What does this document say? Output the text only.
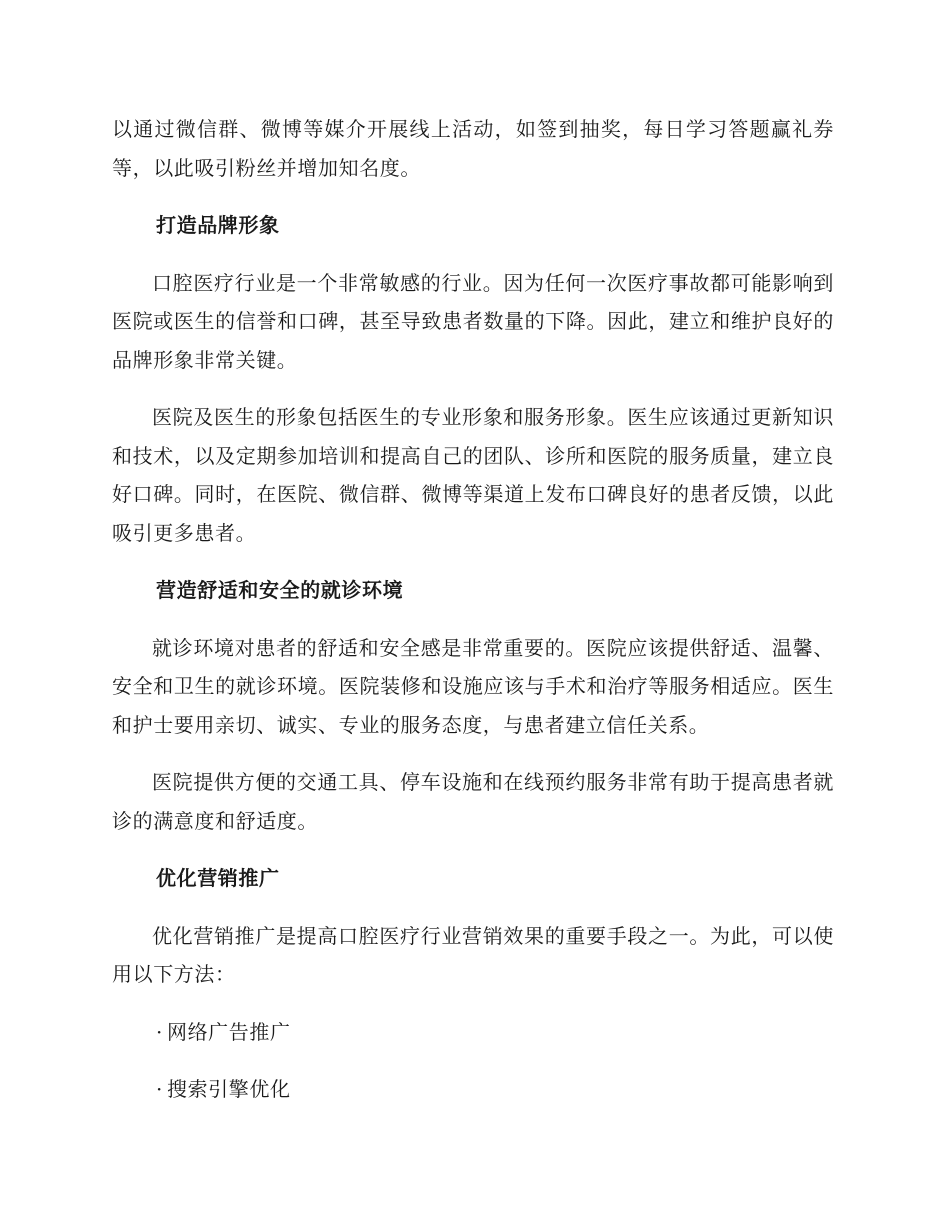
以通过微信群、微博等媒介开展线上活动，如签到抽奖，每日学习答题赢礼券等，以此吸引粉丝并增加知名度。

打造品牌形象

口腔医疗行业是一个非常敏感的行业。因为任何一次医疗事故都可能影响到医院或医生的信誉和口碑，甚至导致患者数量的下降。因此，建立和维护良好的品牌形象非常关键。

医院及医生的形象包括医生的专业形象和服务形象。医生应该通过更新知识和技术，以及定期参加培训和提高自己的团队、诊所和医院的服务质量，建立良好口碑。同时，在医院、微信群、微博等渠道上发布口碑良好的患者反馈，以此吸引更多患者。

营造舒适和安全的就诊环境

就诊环境对患者的舒适和安全感是非常重要的。医院应该提供舒适、温馨、安全和卫生的就诊环境。医院装修和设施应该与手术和治疗等服务相适应。医生和护士要用亲切、诚实、专业的服务态度，与患者建立信任关系。

医院提供方便的交通工具、停车设施和在线预约服务非常有助于提高患者就诊的满意度和舒适度。

优化营销推广

优化营销推广是提高口腔医疗行业营销效果的重要手段之一。为此，可以使用以下方法：

· 网络广告推广
· 搜索引擎优化
